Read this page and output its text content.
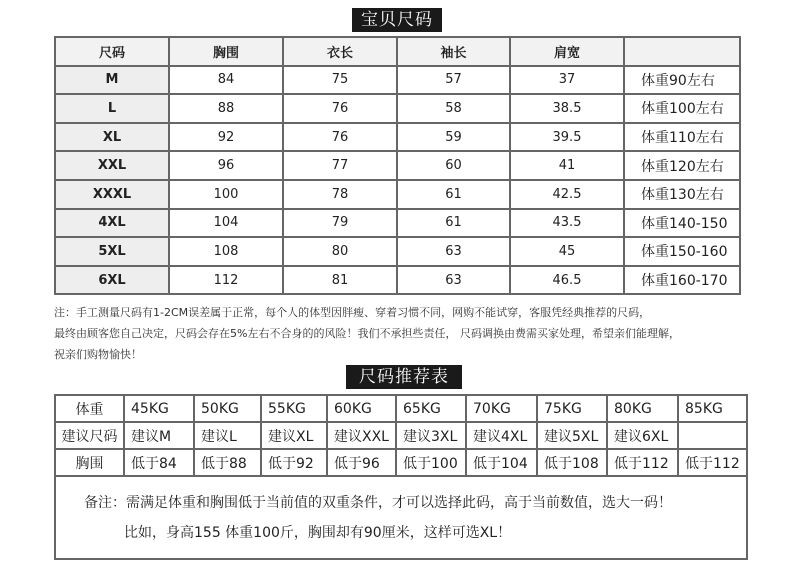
宝贝尺码
尺码	胸围	衣长	袖长	肩宽	
M	84	75	57	37	体重90左右
L	88	76	58	38.5	体重100左右
XL	92	76	59	39.5	体重110左右
XXL	96	77	60	41	体重120左右
XXXL	100	78	61	42.5	体重130左右
4XL	104	79	61	43.5	体重140-150
5XL	108	80	63	45	体重150-160
6XL	112	81	63	46.5	体重160-170
注：手工测量尺码有1-2CM误差属于正常，每个人的体型因胖瘦、穿着习惯不同，网购不能试穿，客服凭经典推荐的尺码，
最终由顾客您自己决定，尺码会存在5%左右不合身的的风险！我们不承担些责任， 尺码调换由费需买家处理，希望亲们能理解，
祝亲们购物愉快！
尺码推荐表
体重	45KG	50KG	55KG	60KG	65KG	70KG	75KG	80KG	85KG
建议尺码	建议M	建议L	建议XL	建议XXL	建议3XL	建议4XL	建议5XL	建议6XL	
胸围	低于84	低于88	低于92	低于96	低于100	低于104	低于108	低于112	低于112

备注：需满足体重和胸围低于当前值的双重条件，才可以选择此码，高于当前数值，选大一码！
比如，身高155 体重100斤，胸围却有90厘米，这样可选XL！									
